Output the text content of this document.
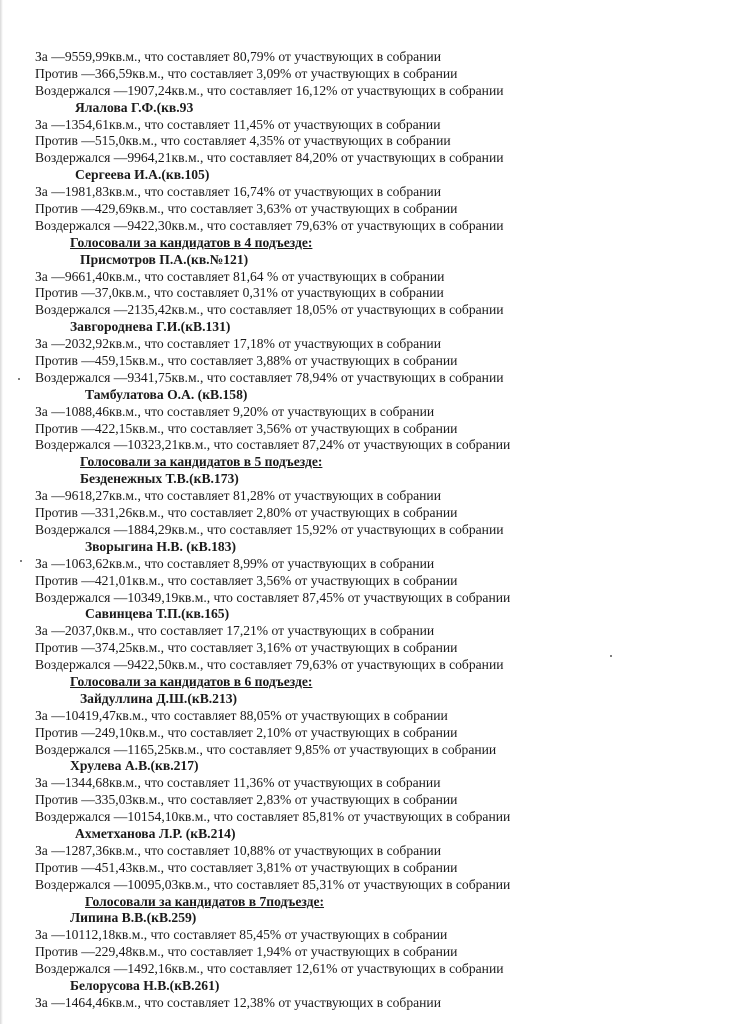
За —9559,99кв.м., что составляет 80,79% от участвующих в собрании
Против —366,59кв.м., что составляет 3,09% от участвующих в собрании
Воздержался —1907,24кв.м., что составляет 16,12% от участвующих в собрании
Ялалова Г.Ф.(кв.93
За —1354,61кв.м., что составляет 11,45% от участвующих в собрании
Против —515,0кв.м., что составляет 4,35% от участвующих в собрании
Воздержался —9964,21кв.м., что составляет 84,20% от участвующих в собрании
Сергеева И.А.(кв.105)
За —1981,83кв.м., что составляет 16,74% от участвующих в собрании
Против —429,69кв.м., что составляет 3,63% от участвующих в собрании
Воздержался —9422,30кв.м., что составляет 79,63% от участвующих в собрании
Голосовали за кандидатов в 4 подъезде:
Присмотров П.А.(кв.№121)
За —9661,40кв.м., что составляет 81,64 % от участвующих в собрании
Против —37,0кв.м., что составляет 0,31% от участвующих в собрании
Воздержался —2135,42кв.м., что составляет 18,05% от участвующих в собрании
Завгороднева Г.И.(кВ.131)
За —2032,92кв.м., что составляет 17,18% от участвующих в собрании
Против —459,15кв.м., что составляет 3,88% от участвующих в собрании
Воздержался —9341,75кв.м., что составляет 78,94% от участвующих в собрании
Тамбулатова О.А. (кВ.158)
За —1088,46кв.м., что составляет 9,20% от участвующих в собрании
Против —422,15кв.м., что составляет 3,56% от участвующих в собрании
Воздержался —10323,21кв.м., что составляет 87,24% от участвующих в собрании
Голосовали за кандидатов в 5 подъезде:
Безденежных Т.В.(кВ.173)
За —9618,27кв.м., что составляет 81,28% от участвующих в собрании
Против —331,26кв.м., что составляет 2,80% от участвующих в собрании
Воздержался —1884,29кв.м., что составляет 15,92% от участвующих в собрании
Зворыгина Н.В. (кВ.183)
За —1063,62кв.м., что составляет 8,99% от участвующих в собрании
Против —421,01кв.м., что составляет 3,56% от участвующих в собрании
Воздержался —10349,19кв.м., что составляет 87,45% от участвующих в собрании
Савинцева Т.П.(кв.165)
За —2037,0кв.м., что составляет 17,21% от участвующих в собрании
Против —374,25кв.м., что составляет 3,16% от участвующих в собрании
Воздержался —9422,50кв.м., что составляет 79,63% от участвующих в собрании
Голосовали за кандидатов в 6 подъезде:
Зайдуллина Д.Ш.(кВ.213)
За —10419,47кв.м., что составляет 88,05% от участвующих в собрании
Против —249,10кв.м., что составляет 2,10% от участвующих в собрании
Воздержался —1165,25кв.м., что составляет 9,85% от участвующих в собрании
Хрулева А.В.(кв.217)
За —1344,68кв.м., что составляет 11,36% от участвующих в собрании
Против —335,03кв.м., что составляет 2,83% от участвующих в собрании
Воздержался —10154,10кв.м., что составляет 85,81% от участвующих в собрании
Ахметханова Л.Р. (кВ.214)
За —1287,36кв.м., что составляет 10,88% от участвующих в собрании
Против —451,43кв.м., что составляет 3,81% от участвующих в собрании
Воздержался —10095,03кв.м., что составляет 85,31% от участвующих в собрании
Голосовали за кандидатов в 7подъезде:
Липина В.В.(кВ.259)
За —10112,18кв.м., что составляет 85,45% от участвующих в собрании
Против —229,48кв.м., что составляет 1,94% от участвующих в собрании
Воздержался —1492,16кв.м., что составляет 12,61% от участвующих в собрании
Белорусова Н.В.(кВ.261)
За —1464,46кв.м., что составляет 12,38% от участвующих в собрании
